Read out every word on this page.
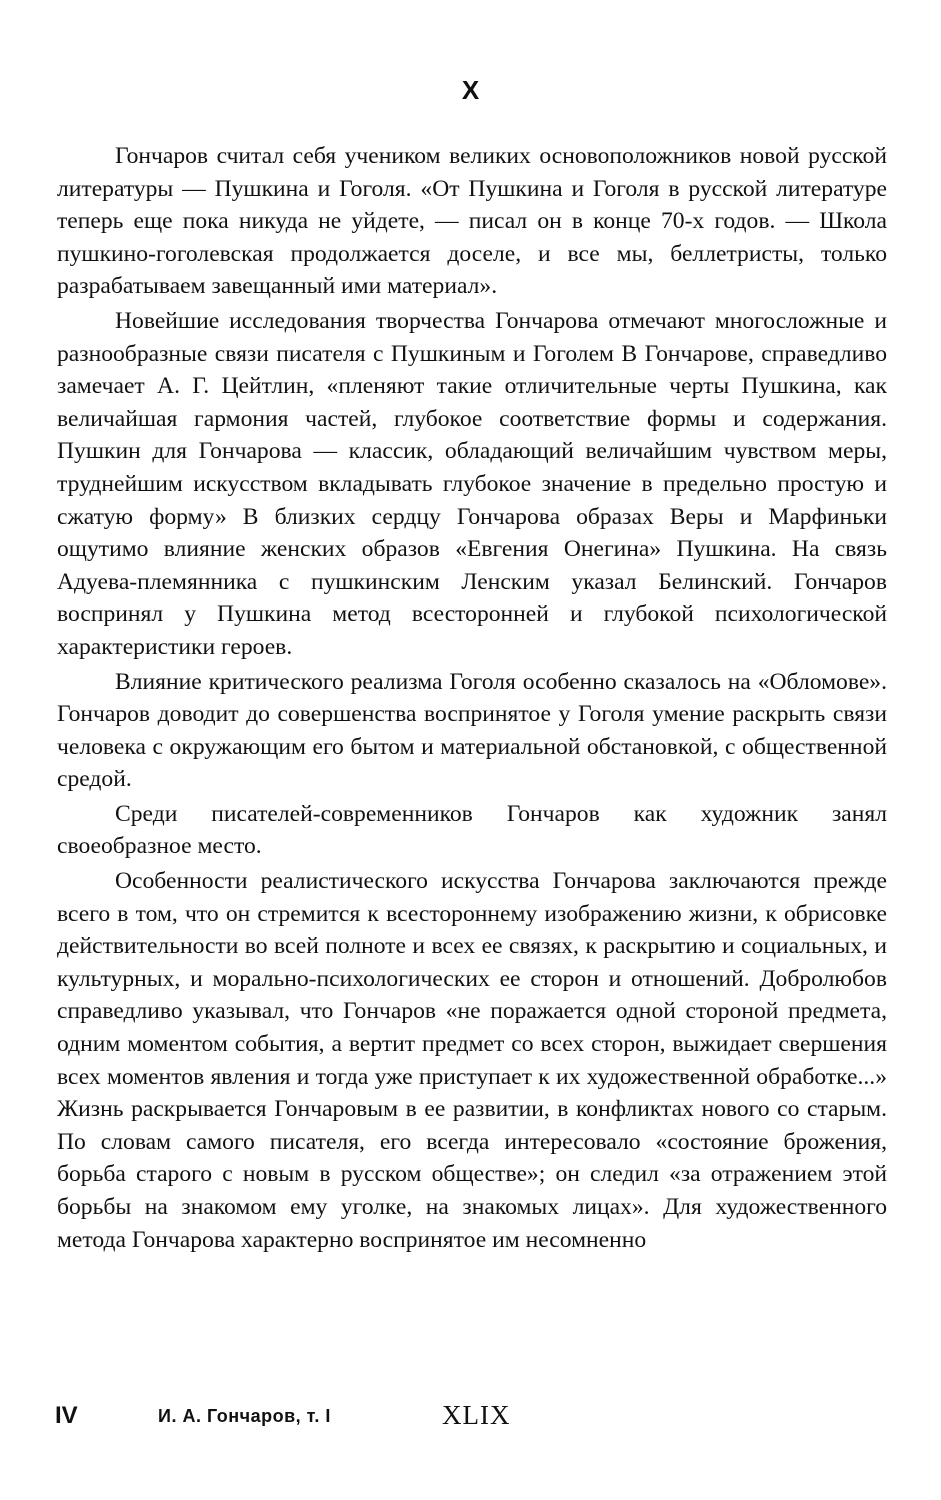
X

Гончаров считал себя учеником великих основоположников новой русской литературы — Пушкина и Гоголя. «От Пушкина и Гоголя в русской литературе теперь еще пока никуда не уйдете, — писал он в конце 70-х годов. — Школа пушкино-гоголевская продолжается доселе, и все мы, беллетристы, только разрабатываем завещанный ими материал».

Новейшие исследования творчества Гончарова отмечают многосложные и разнообразные связи писателя с Пушкиным и Гоголем В Гончарове, справедливо замечает А. Г. Цейтлин, «пленяют такие отличительные черты Пушкина, как величайшая гармония частей, глубокое соответствие формы и содержания. Пушкин для Гончарова — классик, обладающий величайшим чувством меры, труднейшим искусством вкладывать глубокое значение в предельно простую и сжатую форму» В близких сердцу Гончарова образах Веры и Марфиньки ощутимо влияние женских образов «Евгения Онегина» Пушкина. На связь Адуева-племянника с пушкинским Ленским указал Белинский. Гончаров воспринял у Пушкина метод всесторонней и глубокой психологической характеристики героев.

Влияние критического реализма Гоголя особенно сказалось на «Обломове». Гончаров доводит до совершенства воспринятое у Гоголя умение раскрыть связи человека с окружающим его бытом и материальной обстановкой, с общественной средой.

Среди писателей-современников Гончаров как художник занял своеобразное место.

Особенности реалистического искусства Гончарова заключаются прежде всего в том, что он стремится к всестороннему изображению жизни, к обрисовке действительности во всей полноте и всех ее связях, к раскрытию и социальных, и культурных, и морально-психологических ее сторон и отношений. Добролюбов справедливо указывал, что Гончаров «не поражается одной стороной предмета, одним моментом события, а вертит предмет со всех сторон, выжидает свершения всех моментов явления и тогда уже приступает к их художественной обработке...» Жизнь раскрывается Гончаровым в ее развитии, в конфликтах нового со старым. По словам самого писателя, его всегда интересовало «состояние брожения, борьба старого с новым в русском обществе»; он следил «за отражением этой борьбы на знакомом ему уголке, на знакомых лицах». Для художественного метода Гончарова характерно воспринятое им несомненно

IV	И. А. Гончаров, т. I	XLIX
